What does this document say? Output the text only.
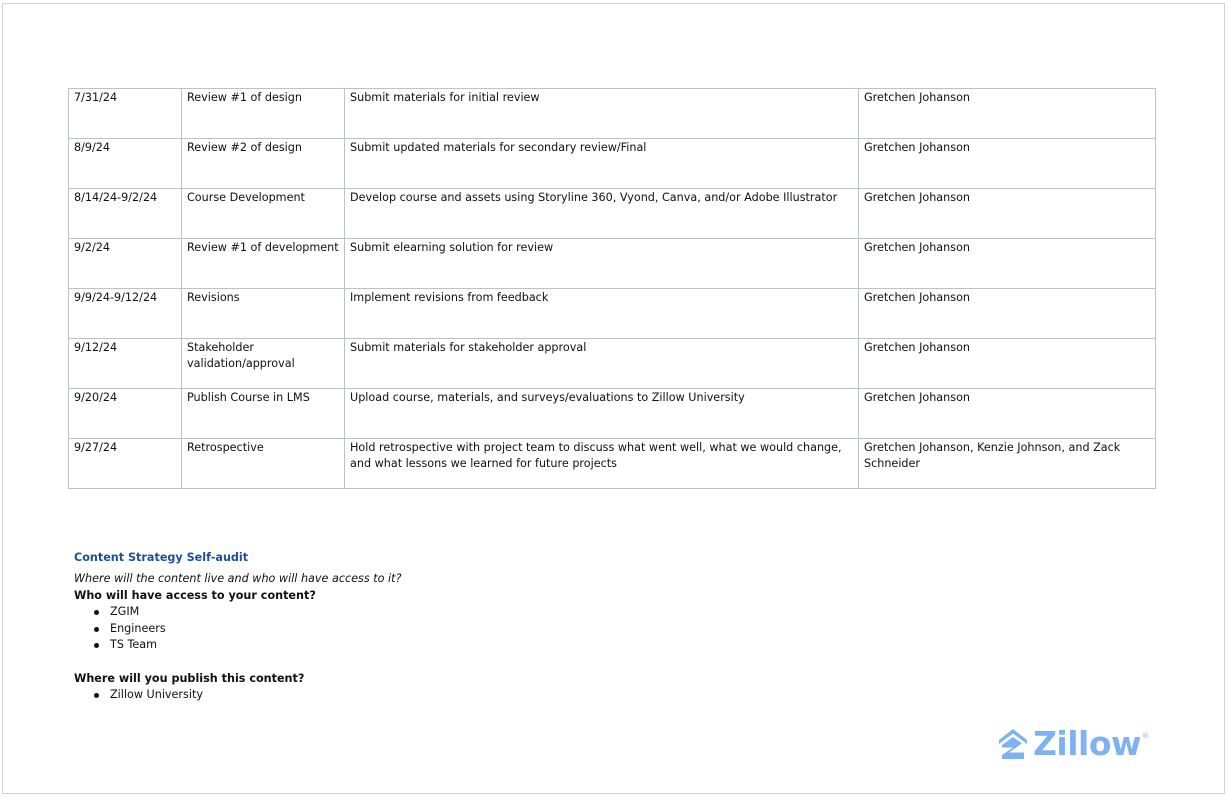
7/31/24	Review #1 of design	Submit materials for initial review	Gretchen Johanson
8/9/24	Review #2 of design	Submit updated materials for secondary review/Final	Gretchen Johanson
8/14/24-9/2/24	Course Development	Develop course and assets using Storyline 360, Vyond, Canva, and/or Adobe Illustrator	Gretchen Johanson
9/2/24	Review #1 of development	Submit elearning solution for review	Gretchen Johanson
9/9/24-9/12/24	Revisions	Implement revisions from feedback	Gretchen Johanson
9/12/24	Stakeholder validation/approval	Submit materials for stakeholder approval	Gretchen Johanson
9/20/24	Publish Course in LMS	Upload course, materials, and surveys/evaluations to Zillow University	Gretchen Johanson
9/27/24	Retrospective	Hold retrospective with project team to discuss what went well, what we would change, and what lessons we learned for future projects	Gretchen Johanson, Kenzie Johnson, and Zack Schneider

Content Strategy Self-audit

Where will the content live and who will have access to it?

Who will have access to your content?

ZGIM
Engineers
TS Team

Where will you publish this content?

Zillow University
Zillow ®
